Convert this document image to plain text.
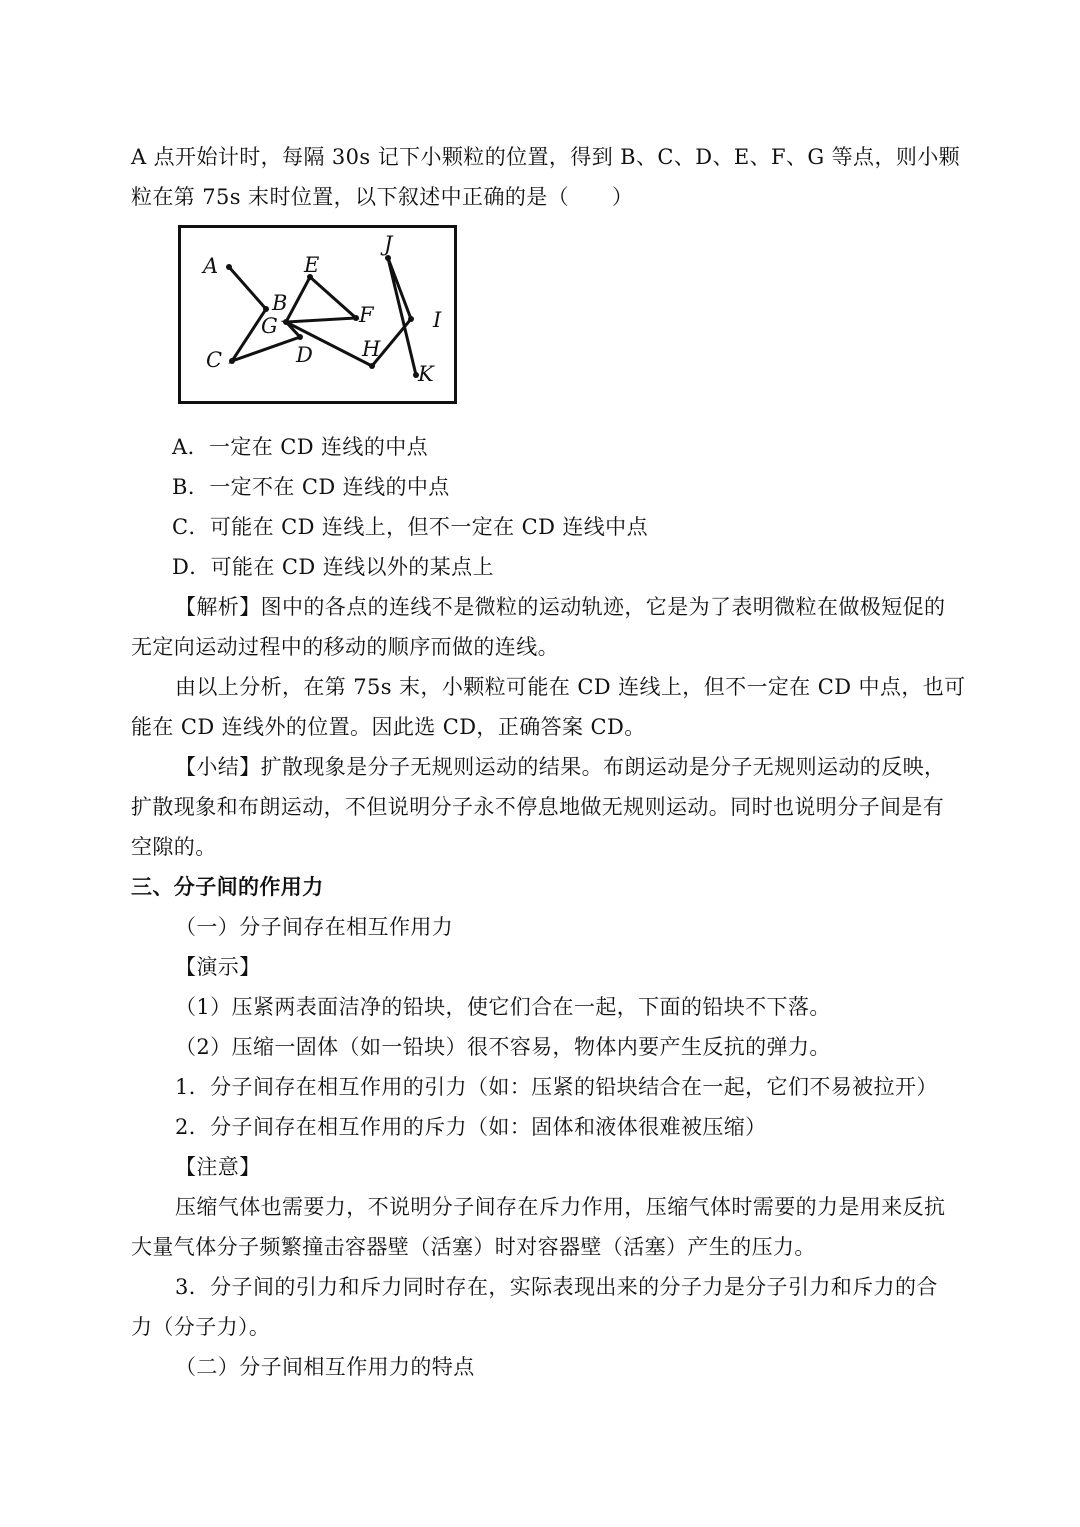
A 点开始计时，每隔 30s 记下小颗粒的位置，得到 B、C、D、E、F、G 等点，则小颗
粒在第 75s 末时位置，以下叙述中正确的是（　　）
A
B
C	D
E
F
G
H
I
J
K
A．一定在 CD 连线的中点
B．一定不在 CD 连线的中点
C．可能在 CD 连线上，但不一定在 CD 连线中点
D．可能在 CD 连线以外的某点上
【解析】图中的各点的连线不是微粒的运动轨迹，它是为了表明微粒在做极短促的
无定向运动过程中的移动的顺序而做的连线。
由以上分析，在第 75s 末，小颗粒可能在 CD 连线上，但不一定在 CD 中点，也可
能在 CD 连线外的位置。因此选 CD，正确答案 CD。
【小结】扩散现象是分子无规则运动的结果。布朗运动是分子无规则运动的反映，
扩散现象和布朗运动，不但说明分子永不停息地做无规则运动。同时也说明分子间是有
空隙的。
三、分子间的作用力
（一）分子间存在相互作用力
【演示】
（1）压紧两表面洁净的铅块，使它们合在一起，下面的铅块不下落。
（2）压缩一固体（如一铅块）很不容易，物体内要产生反抗的弹力。
1．分子间存在相互作用的引力（如：压紧的铅块结合在一起，它们不易被拉开）
2．分子间存在相互作用的斥力（如：固体和液体很难被压缩）
【注意】
压缩气体也需要力，不说明分子间存在斥力作用，压缩气体时需要的力是用来反抗
大量气体分子频繁撞击容器壁（活塞）时对容器壁（活塞）产生的压力。
3．分子间的引力和斥力同时存在，实际表现出来的分子力是分子引力和斥力的合
力（分子力）。
（二）分子间相互作用力的特点
